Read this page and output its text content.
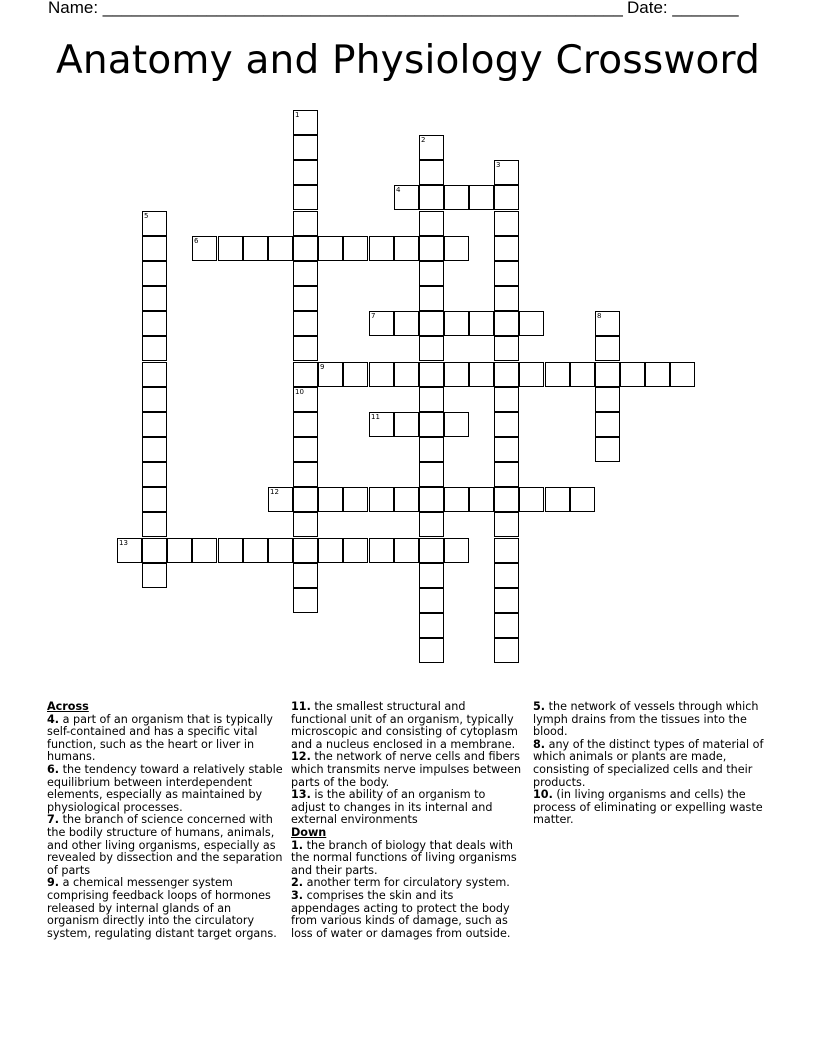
Name: _______________________________________________________ Date: _______
Anatomy and Physiology Crossword
1
10
2
3
4
5
6
7	8
9
11
12
13
Across
4. a part of an organism that is typically self-contained and has a specific vital function, such as the heart or liver in humans.
6. the tendency toward a relatively stable equilibrium between interdependent elements, especially as maintained by physiological processes.
7. the branch of science concerned with the bodily structure of humans, animals, and other living organisms, especially as revealed by dissection and the separation of parts
9. a chemical messenger system comprising feedback loops of hormones released by internal glands of an organism directly into the circulatory system, regulating distant target organs.
11. the smallest structural and functional unit of an organism, typically microscopic and consisting of cytoplasm and a nucleus enclosed in a membrane.
12. the network of nerve cells and fibers which transmits nerve impulses between parts of the body.
13. is the ability of an organism to adjust to changes in its internal and external environments
Down
1. the branch of biology that deals with the normal functions of living organisms and their parts.
2. another term for circulatory system.
3. comprises the skin and its appendages acting to protect the body from various kinds of damage, such as loss of water or damages from outside.
5. the network of vessels through which lymph drains from the tissues into the blood.
8. any of the distinct types of material of which animals or plants are made, consisting of specialized cells and their products.
10. (in living organisms and cells) the process of eliminating or expelling waste matter.
